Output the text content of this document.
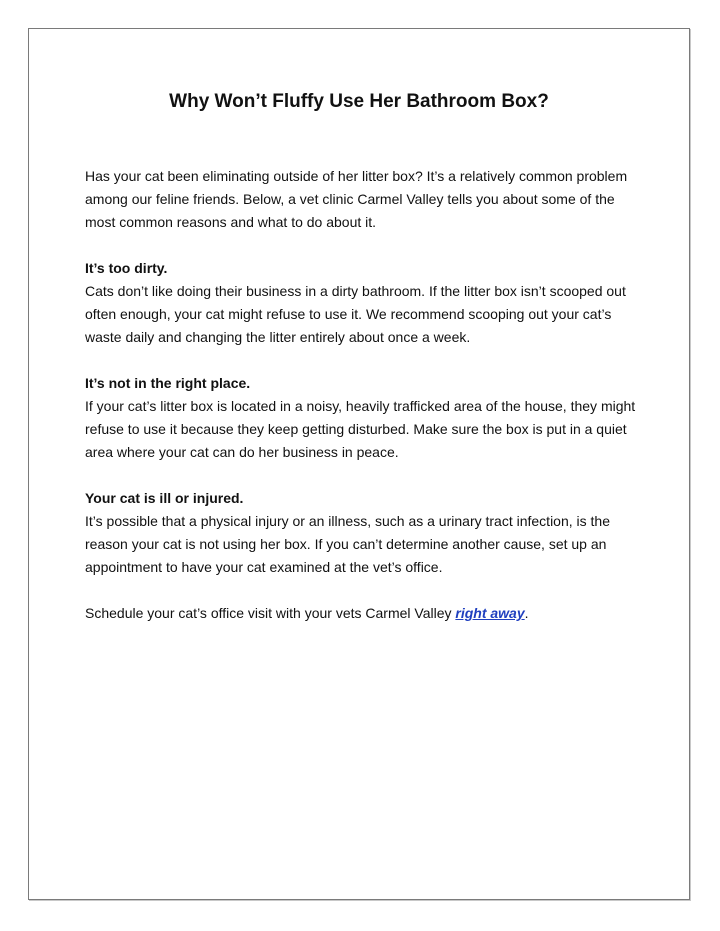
Why Won’t Fluffy Use Her Bathroom Box?

Has your cat been eliminating outside of her litter box? It’s a relatively common problem among our feline friends. Below, a vet clinic Carmel Valley tells you about some of the most common reasons and what to do about it.

It’s too dirty.
Cats don’t like doing their business in a dirty bathroom. If the litter box isn’t scooped out often enough, your cat might refuse to use it. We recommend scooping out your cat’s waste daily and changing the litter entirely about once a week.

It’s not in the right place.
If your cat’s litter box is located in a noisy, heavily trafficked area of the house, they might refuse to use it because they keep getting disturbed. Make sure the box is put in a quiet area where your cat can do her business in peace.

Your cat is ill or injured.
It’s possible that a physical injury or an illness, such as a urinary tract infection, is the reason your cat is not using her box. If you can’t determine another cause, set up an appointment to have your cat examined at the vet’s office.

Schedule your cat’s office visit with your vets Carmel Valley right away.
